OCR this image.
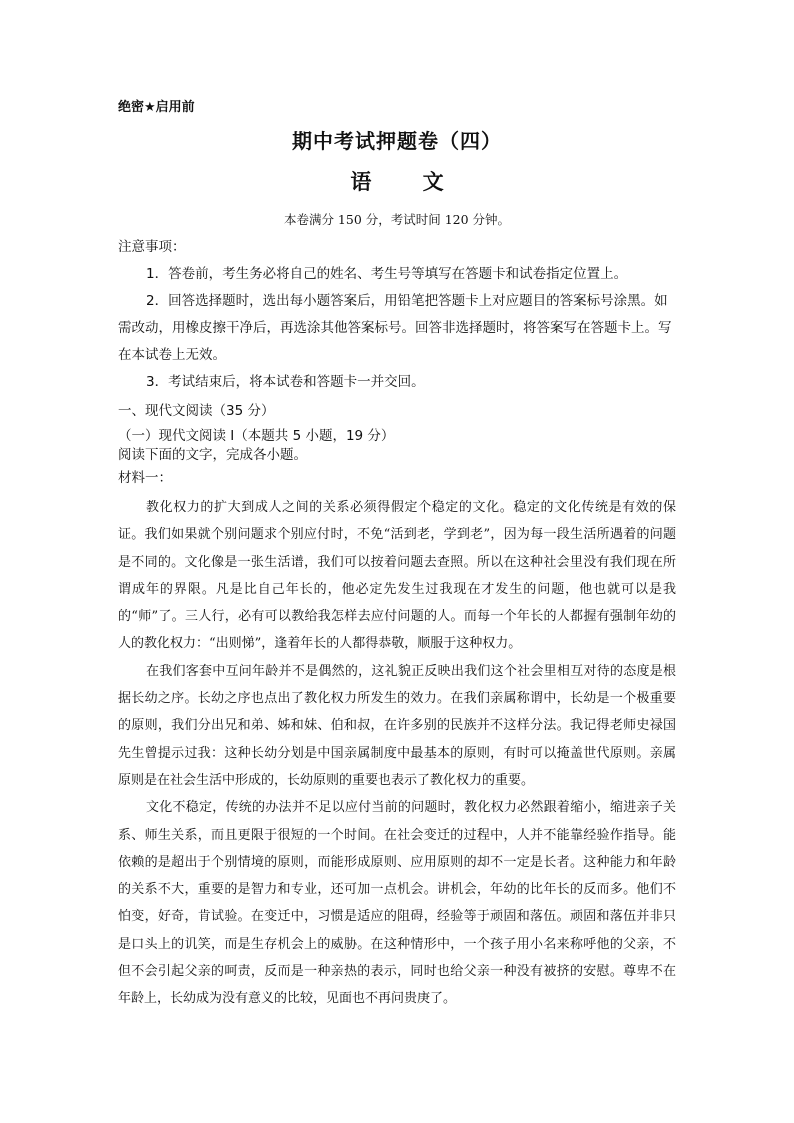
绝密★启用前
期中考试押题卷（四）
语 文
本卷满分 150 分，考试时间 120 分钟。

注意事项：

1．答卷前，考生务必将自己的姓名、考生号等填写在答题卡和试卷指定位置上。

2．回答选择题时，选出每小题答案后，用铅笔把答题卡上对应题目的答案标号涂黑。如需改动，用橡皮擦干净后，再选涂其他答案标号。回答非选择题时，将答案写在答题卡上。写在本试卷上无效。

3．考试结束后，将本试卷和答题卡一并交回。

一、现代文阅读（35 分）

（一）现代文阅读 I（本题共 5 小题，19 分）

阅读下面的文字，完成各小题。

材料一：

教化权力的扩大到成人之间的关系必须得假定个稳定的文化。稳定的文化传统是有效的保证。我们如果就个别问题求个别应付时，不免“活到老，学到老”，因为每一段生活所遇着的问题是不同的。文化像是一张生活谱，我们可以按着问题去查照。所以在这种社会里没有我们现在所谓成年的界限。凡是比自己年长的，他必定先发生过我现在才发生的问题，他也就可以是我的“师”了。三人行，必有可以教给我怎样去应付问题的人。而每一个年长的人都握有强制年幼的人的教化权力：“出则悌”，逢着年长的人都得恭敬，顺服于这种权力。

在我们客套中互问年龄并不是偶然的，这礼貌正反映出我们这个社会里相互对待的态度是根据长幼之序。长幼之序也点出了教化权力所发生的效力。在我们亲属称谓中，长幼是一个极重要的原则，我们分出兄和弟、姊和妹、伯和叔，在许多别的民族并不这样分法。我记得老师史禄国先生曾提示过我：这种长幼分划是中国亲属制度中最基本的原则，有时可以掩盖世代原则。亲属原则是在社会生活中形成的，长幼原则的重要也表示了教化权力的重要。

文化不稳定，传统的办法并不足以应付当前的问题时，教化权力必然跟着缩小，缩进亲子关系、师生关系，而且更限于很短的一个时间。在社会变迁的过程中，人并不能靠经验作指导。能依赖的是超出于个别情境的原则，而能形成原则、应用原则的却不一定是长者。这种能力和年龄的关系不大，重要的是智力和专业，还可加一点机会。讲机会，年幼的比年长的反而多。他们不怕变，好奇，肯试验。在变迁中，习惯是适应的阻碍，经验等于顽固和落伍。顽固和落伍并非只是口头上的讥笑，而是生存机会上的威胁。在这种情形中，一个孩子用小名来称呼他的父亲，不但不会引起父亲的呵责，反而是一种亲热的表示，同时也给父亲一种没有被挤的安慰。尊卑不在年龄上，长幼成为没有意义的比较，见面也不再问贵庚了。
